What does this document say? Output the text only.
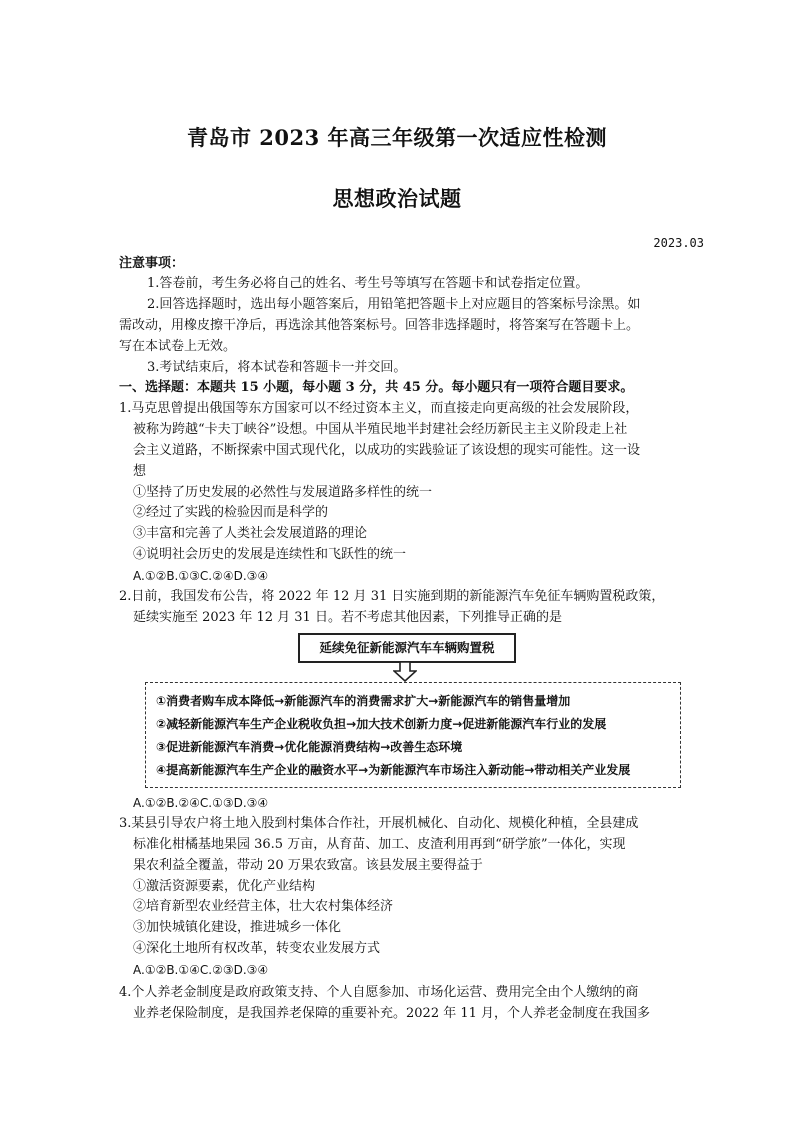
青岛市 2023 年高三年级第一次适应性检测
思想政治试题
2023.03
注意事项：
1.答卷前，考生务必将自己的姓名、考生号等填写在答题卡和试卷指定位置。
2.回答选择题时，选出每小题答案后，用铅笔把答题卡上对应题目的答案标号涂黑。如
需改动，用橡皮擦干净后，再选涂其他答案标号。回答非选择题时，将答案写在答题卡上。
写在本试卷上无效。
3.考试结束后，将本试卷和答题卡一并交回。
一、选择题：本题共 15 小题，每小题 3 分，共 45 分。每小题只有一项符合题目要求。
1.马克思曾提出俄国等东方国家可以不经过资本主义，而直接走向更高级的社会发展阶段，
被称为跨越“卡夫丁峡谷”设想。中国从半殖民地半封建社会经历新民主主义阶段走上社
会主义道路，不断探索中国式现代化，以成功的实践验证了该设想的现实可能性。这一设
想
①坚持了历史发展的必然性与发展道路多样性的统一
②经过了实践的检验因而是科学的
③丰富和完善了人类社会发展道路的理论
④说明社会历史的发展是连续性和飞跃性的统一
A.①②B.①③C.②④D.③④
2.日前，我国发布公告，将 2022 年 12 月 31 日实施到期的新能源汽车免征车辆购置税政策，
延续实施至 2023 年 12 月 31 日。若不考虑其他因素，下列推导正确的是
延续免征新能源汽车车辆购置税
①消费者购车成本降低→新能源汽车的消费需求扩大→新能源汽车的销售量增加
②减轻新能源汽车生产企业税收负担→加大技术创新力度→促进新能源汽车行业的发展
③促进新能源汽车消费→优化能源消费结构→改善生态环境
④提高新能源汽车生产企业的融资水平→为新能源汽车市场注入新动能→带动相关产业发展
A.①②B.②④C.①③D.③④
3.某县引导农户将土地入股到村集体合作社，开展机械化、自动化、规模化种植，全县建成
标准化柑橘基地果园 36.5 万亩，从育苗、加工、皮渣利用再到“研学旅”一体化，实现
果农利益全覆盖，带动 20 万果农致富。该县发展主要得益于
①激活资源要素，优化产业结构
②培育新型农业经营主体，壮大农村集体经济
③加快城镇化建设，推进城乡一体化
④深化土地所有权改革，转变农业发展方式
A.①②B.①④C.②③D.③④
4.个人养老金制度是政府政策支持、个人自愿参加、市场化运营、费用完全由个人缴纳的商
业养老保险制度，是我国养老保障的重要补充。2022 年 11 月，个人养老金制度在我国多
